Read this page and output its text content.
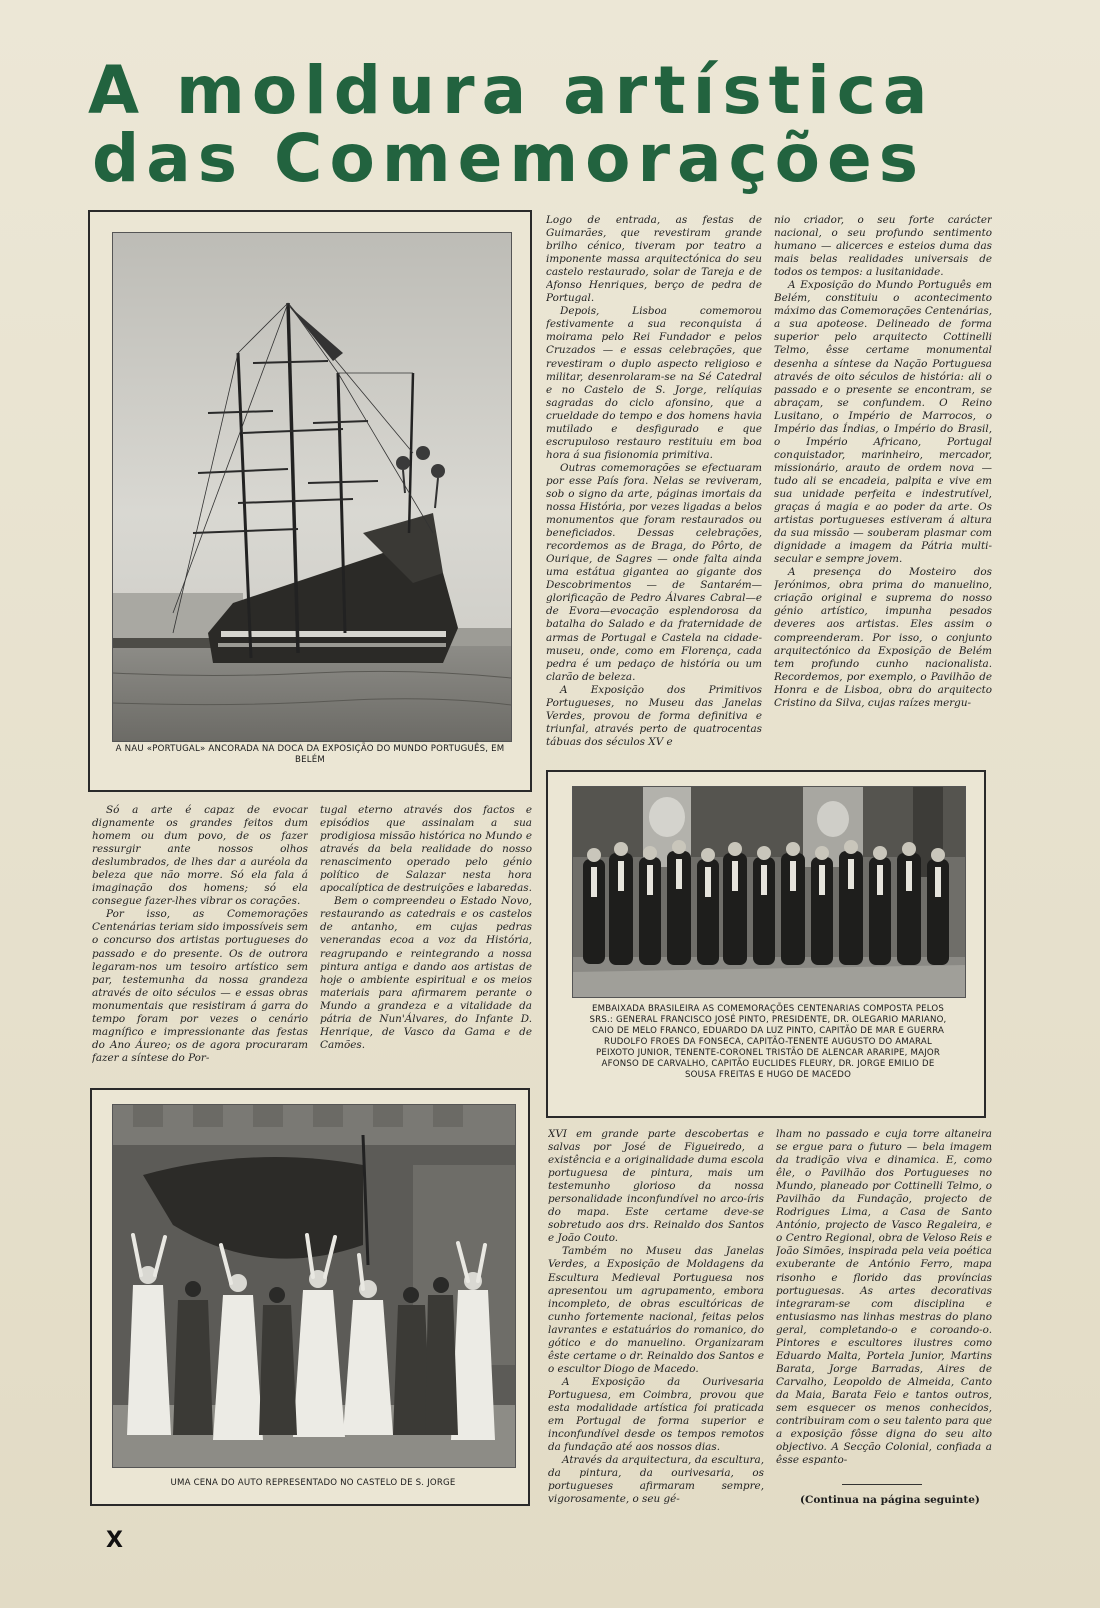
A moldura artística
das Comemorações
A NAU «PORTUGAL» ANCORADA NA DOCA DA EXPOSIÇÃO DO MUNDO PORTUGUÊS, EM BELÉM

Logo de entrada, as festas de Guimarães, que revestiram grande brilho cénico, tiveram por teatro a imponente massa arquitectónica do seu castelo restaurado, solar de Tareja e de Afonso Henriques, berço de pedra de Portugal.

Depois, Lisboa comemorou festivamente a sua reconquista á moirama pelo Rei Fundador e pelos Cruzados — e essas celebrações, que revestiram o duplo aspecto religioso e militar, desenrolaram-se na Sé Catedral e no Castelo de S. Jorge, relíquias sagradas do ciclo afonsino, que a crueldade do tempo e dos homens havia mutilado e desfigurado e que escrupuloso restauro restituiu em boa hora á sua fisionomia primitiva.

Outras comemorações se efectuaram por esse País fora. Nelas se reviveram, sob o signo da arte, páginas imortais da nossa História, por vezes ligadas a belos monumentos que foram restaurados ou beneficiados. Dessas celebrações, recordemos as de Braga, do Pôrto, de Ourique, de Sagres — onde falta ainda uma estátua gigantea ao gigante dos Descobrimentos — de Santarém—glorificação de Pedro Álvares Cabral—e de Evora—evocação esplendorosa da batalha do Salado e da fraternidade de armas de Portugal e Castela na cidade-museu, onde, como em Florença, cada pedra é um pedaço de história ou um clarão de beleza.

A Exposição dos Primitivos Portugueses, no Museu das Janelas Verdes, provou de forma definitiva e triunfal, através perto de quatrocentas tábuas dos séculos XV e

nio criador, o seu forte carácter nacional, o seu profundo sentimento humano — alicerces e esteios duma das mais belas realidades universais de todos os tempos: a lusitanidade.

A Exposição do Mundo Português em Belém, constituiu o acontecimento máximo das Comemorações Centenárias, a sua apoteose. Delineado de forma superior pelo arquitecto Cottinelli Telmo, êsse certame monumental desenha a síntese da Nação Portuguesa através de oito séculos de história: ali o passado e o presente se encontram, se abraçam, se confundem. O Reino Lusitano, o Império de Marrocos, o Império das Índias, o Império do Brasil, o Império Africano, Portugal conquistador, marinheiro, mercador, missionário, arauto de ordem nova — tudo ali se encadeia, palpita e vive em sua unidade perfeita e indestrutível, graças á magia e ao poder da arte. Os artistas portugueses estiveram á altura da sua missão — souberam plasmar com dignidade a imagem da Pátria multi-secular e sempre jovem.

A presença do Mosteiro dos Jerónimos, obra prima do manuelino, criação original e suprema do nosso génio artístico, impunha pesados deveres aos artistas. Eles assim o compreenderam. Por isso, o conjunto arquitectónico da Exposição de Belém tem profundo cunho nacionalista. Recordemos, por exemplo, o Pavilhão de Honra e de Lisboa, obra do arquitecto Cristino da Silva, cujas raízes mergu-

Só a arte é capaz de evocar dignamente os grandes feitos dum homem ou dum povo, de os fazer ressurgir ante nossos olhos deslumbrados, de lhes dar a auréola da beleza que não morre. Só ela fala á imaginação dos homens; só ela consegue fazer-lhes vibrar os corações.

Por isso, as Comemorações Centenárias teriam sido impossíveis sem o concurso dos artistas portugueses do passado e do presente. Os de outrora legaram-nos um tesoiro artístico sem par, testemunha da nossa grandeza através de oito séculos — e essas obras monumentais que resistiram á garra do tempo foram por vezes o cenário magnífico e impressionante das festas do Ano Áureo; os de agora procuraram fazer a síntese do Por-

tugal eterno através dos factos e episódios que assinalam a sua prodigiosa missão histórica no Mundo e através da bela realidade do nosso renascimento operado pelo génio político de Salazar nesta hora apocalíptica de destruições e labaredas.

Bem o compreendeu o Estado Novo, restaurando as catedrais e os castelos de antanho, em cujas pedras venerandas ecoa a voz da História, reagrupando e reintegrando a nossa pintura antiga e dando aos artistas de hoje o ambiente espiritual e os meios materiais para afirmarem perante o Mundo a grandeza e a vitalidade da pátria de Nun'Álvares, do Infante D. Henrique, de Vasco da Gama e de Camões.

EMBAIXADA BRASILEIRA AS COMEMORAÇÕES CENTENARIAS COMPOSTA PELOS SRS.: GENERAL FRANCISCO JOSÉ PINTO, PRESIDENTE, DR. OLEGARIO MARIANO, CAIO DE MELO FRANCO, EDUARDO DA LUZ PINTO, CAPITÃO DE MAR E GUERRA RUDOLFO FROES DA FONSECA, CAPITÃO-TENENTE AUGUSTO DO AMARAL PEIXOTO JUNIOR, TENENTE-CORONEL TRISTÃO DE ALENCAR ARARIPE, MAJOR AFONSO DE CARVALHO, CAPITÃO EUCLIDES FLEURY, DR. JORGE EMILIO DE SOUSA FREITAS E HUGO DE MACEDO
UMA CENA DO AUTO REPRESENTADO NO CASTELO DE S. JORGE

XVI em grande parte descobertas e salvas por José de Figueiredo, a existência e a originalidade duma escola portuguesa de pintura, mais um testemunho glorioso da nossa personalidade inconfundível no arco-íris do mapa. Este certame deve-se sobretudo aos drs. Reinaldo dos Santos e João Couto.

Também no Museu das Janelas Verdes, a Exposição de Moldagens da Escultura Medieval Portuguesa nos apresentou um agrupamento, embora incompleto, de obras escultóricas de cunho fortemente nacional, feitas pelos lavrantes e estatuários do romanico, do gótico e do manuelino. Organizaram êste certame o dr. Reinaldo dos Santos e o escultor Diogo de Macedo.

A Exposição da Ourivesaria Portuguesa, em Coimbra, provou que esta modalidade artística foi praticada em Portugal de forma superior e inconfundível desde os tempos remotos da fundação até aos nossos dias.

Através da arquitectura, da escultura, da pintura, da ourivesaria, os portugueses afirmaram sempre, vigorosamente, o seu gé-

lham no passado e cuja torre altaneira se ergue para o futuro — bela imagem da tradição viva e dinamica. E, como êle, o Pavilhão dos Portugueses no Mundo, planeado por Cottinelli Telmo, o Pavilhão da Fundação, projecto de Rodrigues Lima, a Casa de Santo António, projecto de Vasco Regaleira, e o Centro Regional, obra de Veloso Reis e João Simões, inspirada pela veia poética exuberante de António Ferro, mapa risonho e florido das províncias portuguesas. As artes decorativas integraram-se com disciplina e entusiasmo nas linhas mestras do plano geral, completando-o e coroando-o. Pintores e escultores ilustres como Eduardo Malta, Portela Junior, Martins Barata, Jorge Barradas, Aires de Carvalho, Leopoldo de Almeida, Canto da Maia, Barata Feio e tantos outros, sem esquecer os menos conhecidos, contribuiram com o seu talento para que a exposição fôsse digna do seu alto objectivo. A Secção Colonial, confiada a êsse espanto-

(Continua na página seguinte)
X
